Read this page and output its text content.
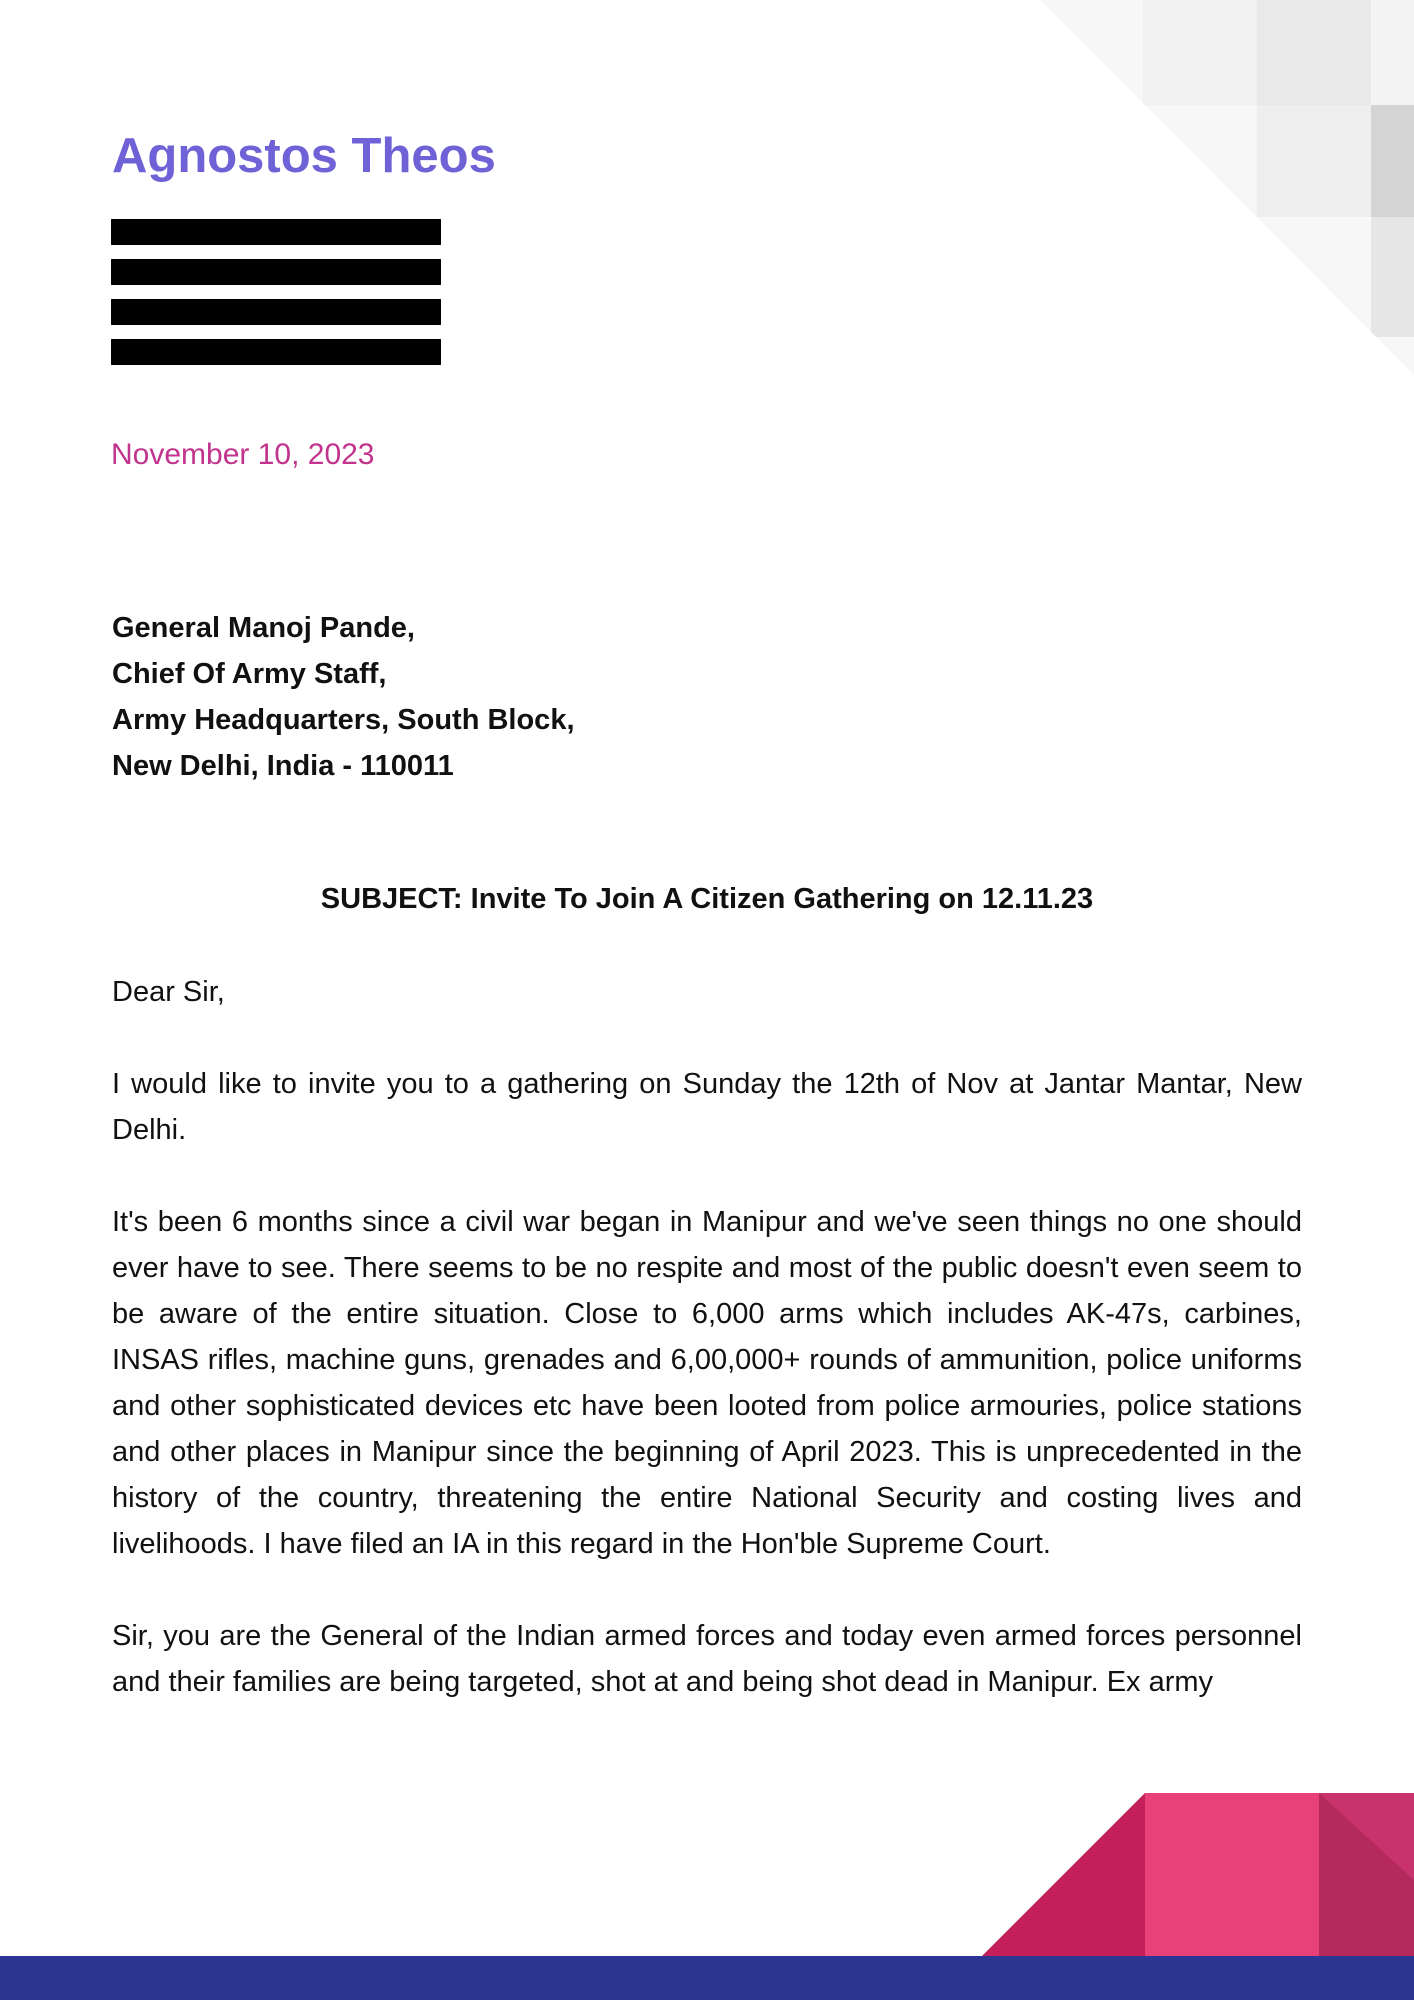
Agnostos Theos

November 10, 2023

General Manoj Pande,
Chief Of Army Staff,
Army Headquarters, South Block,
New Delhi, India - 110011

SUBJECT: Invite To Join A Citizen Gathering on 12.11.23

Dear Sir,

I would like to invite you to a gathering on Sunday the 12th of Nov at Jantar Mantar, New Delhi.

It's been 6 months since a civil war began in Manipur and we've seen things no one should ever have to see. There seems to be no respite and most of the public doesn't even seem to be aware of the entire situation. Close to 6,000 arms which includes AK-47s, carbines, INSAS rifles, machine guns, grenades and 6,00,000+ rounds of ammunition, police uniforms and other sophisticated devices etc have been looted from police armouries, police stations and other places in Manipur since the beginning of April 2023. This is unprecedented in the history of the country, threatening the entire National Security and costing lives and livelihoods. I have filed an IA in this regard in the Hon'ble Supreme Court.

Sir, you are the General of the Indian armed forces and today even armed forces personnel and their families are being targeted, shot at and being shot dead in Manipur. Ex army
